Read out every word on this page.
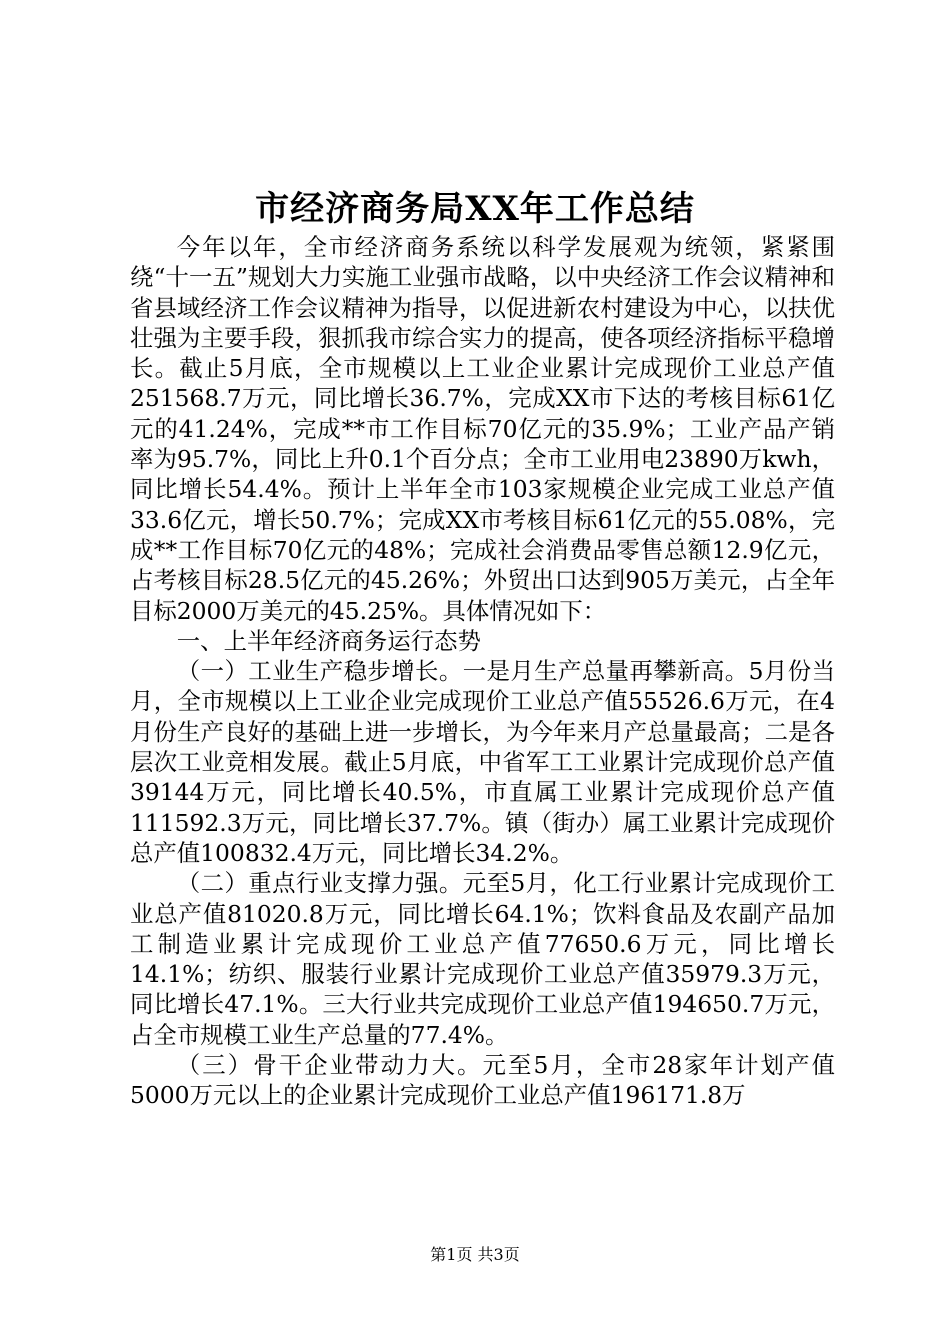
市经济商务局XX年工作总结

今年以年，全市经济商务系统以科学发展观为统领，紧紧围绕“十一五”规划大力实施工业强市战略，以中央经济工作会议精神和省县域经济工作会议精神为指导，以促进新农村建设为中心，以扶优壮强为主要手段，狠抓我市综合实力的提高，使各项经济指标平稳增长。截止5月底，全市规模以上工业企业累计完成现价工业总产值251568.7万元，同比增长36.7%，完成XX市下达的考核目标61亿元的41.24%，完成**市工作目标70亿元的35.9%；工业产品产销率为95.7%，同比上升0.1个百分点；全市工业用电23890万kwh，同比增长54.4%。预计上半年全市103家规模企业完成工业总产值33.6亿元，增长50.7%；完成XX市考核目标61亿元的55.08%，完成**工作目标70亿元的48%；完成社会消费品零售总额12.9亿元，占考核目标28.5亿元的45.26%；外贸出口达到905万美元，占全年目标2000万美元的45.25%。具体情况如下：

一、上半年经济商务运行态势

（一）工业生产稳步增长。一是月生产总量再攀新高。5月份当月，全市规模以上工业企业完成现价工业总产值55526.6万元，在4月份生产良好的基础上进一步增长，为今年来月产总量最高；二是各层次工业竞相发展。截止5月底，中省军工工业累计完成现价总产值39144万元，同比增长40.5%，市直属工业累计完成现价总产值111592.3万元，同比增长37.7%。镇（街办）属工业累计完成现价总产值100832.4万元，同比增长34.2%。

（二）重点行业支撑力强。元至5月，化工行业累计完成现价工业总产值81020.8万元，同比增长64.1%；饮料食品及农副产品加工制造业累计完成现价工业总产值77650.6万元，同比增长14.1%；纺织、服装行业累计完成现价工业总产值35979.3万元，同比增长47.1%。三大行业共完成现价工业总产值194650.7万元，占全市规模工业生产总量的77.4%。

（三）骨干企业带动力大。元至5月，全市28家年计划产值5000万元以上的企业累计完成现价工业总产值196171.8万

第1页 共3页
